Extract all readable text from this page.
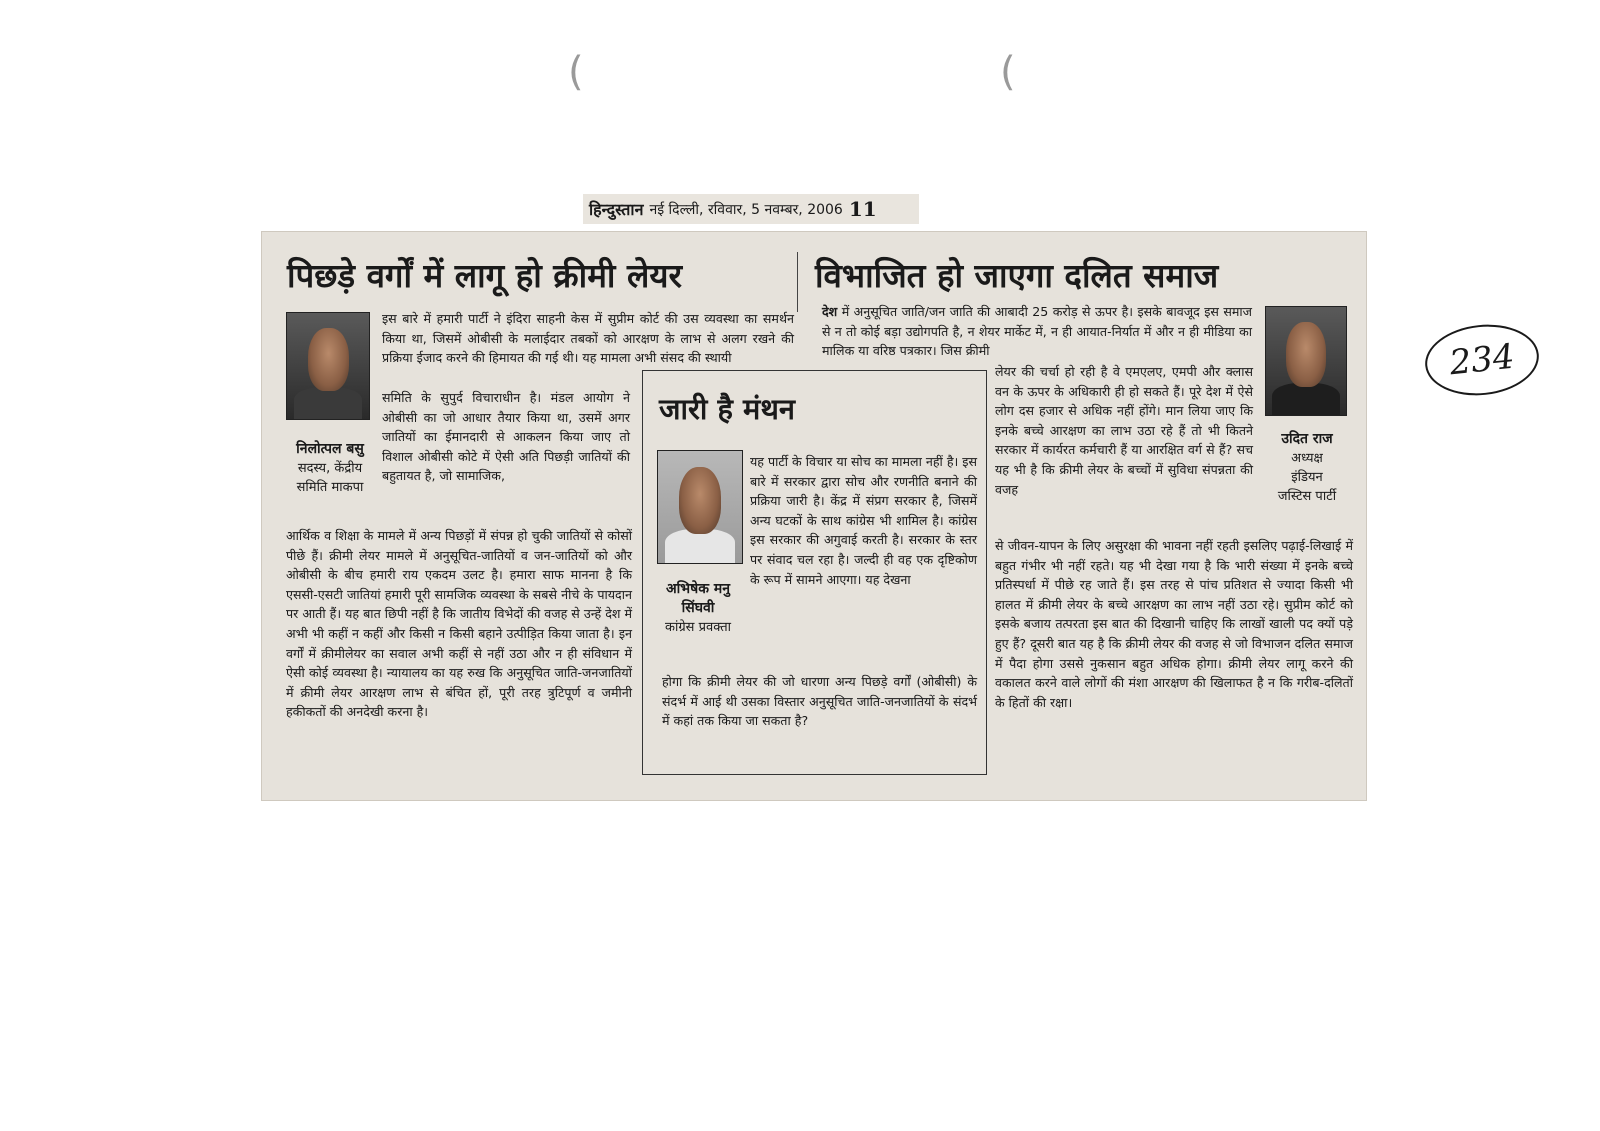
(	(
234
हिन्दुस्तान नई दिल्ली, रविवार, 5 नवम्बर, 2006 11
पिछड़े वर्गों में लागू हो क्रीमी लेयर

इस बारे में हमारी पार्टी ने इंदिरा साहनी केस में सुप्रीम कोर्ट की उस व्यवस्था का समर्थन किया था, जिसमें ओबीसी के मलाईदार तबकों को आरक्षण के लाभ से अलग रखने की प्रक्रिया ईजाद करने की हिमायत की गई थी। यह मामला अभी संसद की स्थायी

समिति के सुपुर्द विचाराधीन है। मंडल आयोग ने ओबीसी का जो आधार तैयार किया था, उसमें अगर जातियों का ईमानदारी से आकलन किया जाए तो विशाल ओबीसी कोटे में ऐसी अति पिछड़ी जातियों की बहुतायत है, जो सामाजिक,

निलोत्पल बसु
सदस्य, केंद्रीय
समिति माकपा

आर्थिक व शिक्षा के मामले में अन्य पिछड़ों में संपन्न हो चुकी जातियों से कोसों पीछे हैं। क्रीमी लेयर मामले में अनुसूचित-जातियों व जन-जातियों को और ओबीसी के बीच हमारी राय एकदम उलट है। हमारा साफ मानना है कि एससी-एसटी जातियां हमारी पूरी सामजिक व्यवस्था के सबसे नीचे के पायदान पर आती हैं। यह बात छिपी नहीं है कि जातीय विभेदों की वजह से उन्हें देश में अभी भी कहीं न कहीं और किसी न किसी बहाने उत्पीड़ित किया जाता है। इन वर्गों में क्रीमीलेयर का सवाल अभी कहीं से नहीं उठा और न ही संविधान में ऐसी कोई व्यवस्था है। न्यायालय का यह रुख कि अनुसूचित जाति-जनजातियों में क्रीमी लेयर आरक्षण लाभ से बंचित हों, पूरी तरह त्रुटिपूर्ण व जमीनी हकीकतों की अनदेखी करना है।

जारी है मंथन

यह पार्टी के विचार या सोच का मामला नहीं है। इस बारे में सरकार द्वारा सोच और रणनीति बनाने की प्रक्रिया जारी है। केंद्र में संप्रग सरकार है, जिसमें अन्य घटकों के साथ कांग्रेस भी शामिल है। कांग्रेस इस सरकार की अगुवाई करती है। सरकार के स्तर पर संवाद चल रहा है। जल्दी ही वह एक दृष्टिकोण के रूप में सामने आएगा। यह देखना

अभिषेक मनु
सिंघवी
कांग्रेस प्रवक्ता

होगा कि क्रीमी लेयर की जो धारणा अन्य पिछड़े वर्गों (ओबीसी) के संदर्भ में आई थी उसका विस्तार अनुसूचित जाति-जनजातियों के संदर्भ में कहां तक किया जा सकता है?

विभाजित हो जाएगा दलित समाज

देश में अनुसूचित जाति/जन जाति की आबादी 25 करोड़ से ऊपर है। इसके बावजूद इस समाज से न तो कोई बड़ा उद्योगपति है, न शेयर मार्केट में, न ही आयात-निर्यात में और न ही मीडिया का मालिक या वरिष्ठ पत्रकार। जिस क्रीमी

लेयर की चर्चा हो रही है वे एमएलए, एमपी और क्लास वन के ऊपर के अधिकारी ही हो सकते हैं। पूरे देश में ऐसे लोग दस हजार से अधिक नहीं होंगे। मान लिया जाए कि इनके बच्चे आरक्षण का लाभ उठा रहे हैं तो भी कितने सरकार में कार्यरत कर्मचारी हैं या आरक्षित वर्ग से हैं? सच यह भी है कि क्रीमी लेयर के बच्चों में सुविधा संपन्नता की वजह

उदित राज
अध्यक्ष
इंडियन
जस्टिस पार्टी

से जीवन-यापन के लिए असुरक्षा की भावना नहीं रहती इसलिए पढ़ाई-लिखाई में बहुत गंभीर भी नहीं रहते। यह भी देखा गया है कि भारी संख्या में इनके बच्चे प्रतिस्पर्धा में पीछे रह जाते हैं। इस तरह से पांच प्रतिशत से ज्यादा किसी भी हालत में क्रीमी लेयर के बच्चे आरक्षण का लाभ नहीं उठा रहे। सुप्रीम कोर्ट को इसके बजाय तत्परता इस बात की दिखानी चाहिए कि लाखों खाली पद क्यों पड़े हुए हैं? दूसरी बात यह है कि क्रीमी लेयर की वजह से जो विभाजन दलित समाज में पैदा होगा उससे नुकसान बहुत अधिक होगा। क्रीमी लेयर लागू करने की वकालत करने वाले लोगों की मंशा आरक्षण की खिलाफत है न कि गरीब-दलितों के हितों की रक्षा।
